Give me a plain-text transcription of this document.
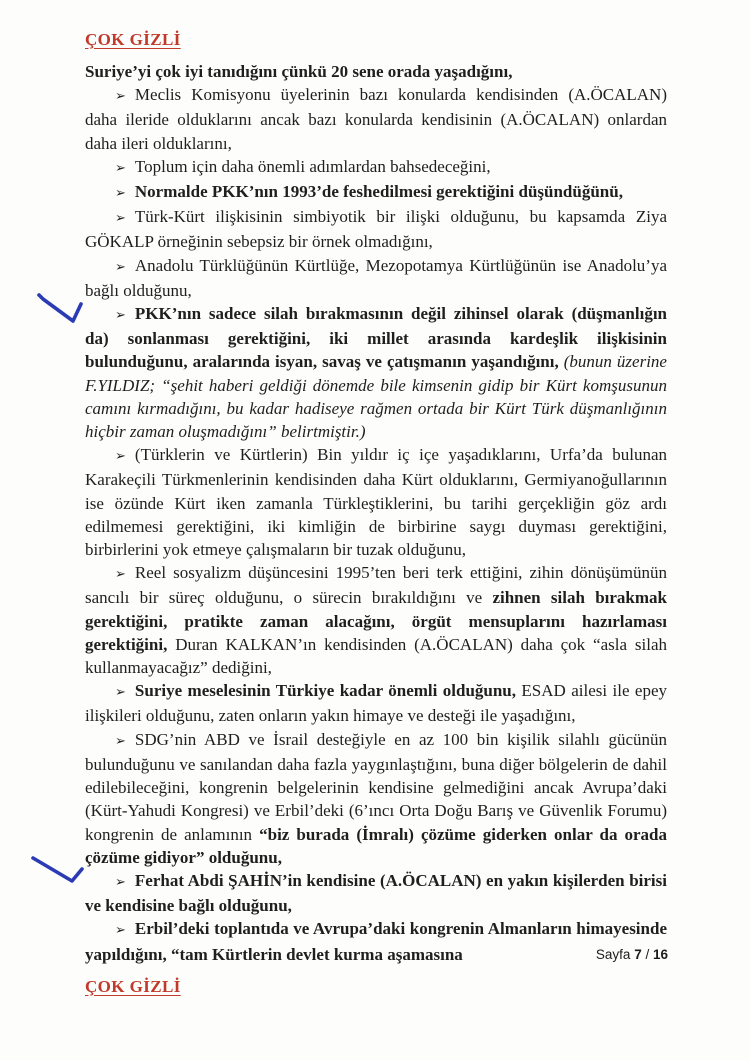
ÇOK GİZLİ

Suriye’yi çok iyi tanıdığını çünkü 20 sene orada yaşadığını,

➢ Meclis Komisyonu üyelerinin bazı konularda kendisinden (A.ÖCALAN) daha ileride olduklarını ancak bazı konularda kendisinin (A.ÖCALAN) onlardan daha ileri olduklarını,

➢ Toplum için daha önemli adımlardan bahsedeceğini,

➢ Normalde PKK’nın 1993’de feshedilmesi gerektiğini düşündüğünü,

➢ Türk-Kürt ilişkisinin simbiyotik bir ilişki olduğunu, bu kapsamda Ziya GÖKALP örneğinin sebepsiz bir örnek olmadığını,

➢ Anadolu Türklüğünün Kürtlüğe, Mezopotamya Kürtlüğünün ise Anadolu’ya bağlı olduğunu,

➢ PKK’nın sadece silah bırakmasının değil zihinsel olarak (düşmanlığın da) sonlanması gerektiğini, iki millet arasında kardeşlik ilişkisinin bulunduğunu, aralarında isyan, savaş ve çatışmanın yaşandığını, (bunun üzerine F.YILDIZ; “şehit haberi geldiği dönemde bile kimsenin gidip bir Kürt komşusunun camını kırmadığını, bu kadar hadiseye rağmen ortada bir Kürt Türk düşmanlığının hiçbir zaman oluşmadığını” belirtmiştir.)

➢ (Türklerin ve Kürtlerin) Bin yıldır iç içe yaşadıklarını, Urfa’da bulunan Karakeçili Türkmenlerinin kendisinden daha Kürt olduklarını, Germiyanoğullarının ise özünde Kürt iken zamanla Türkleştiklerini, bu tarihi gerçekliğin göz ardı edilmemesi gerektiğini, iki kimliğin de birbirine saygı duyması gerektiğini, birbirlerini yok etmeye çalışmaların bir tuzak olduğunu,

➢ Reel sosyalizm düşüncesini 1995’ten beri terk ettiğini, zihin dönüşümünün sancılı bir süreç olduğunu, o sürecin bırakıldığını ve zihnen silah bırakmak gerektiğini, pratikte zaman alacağını, örgüt mensuplarını hazırlaması gerektiğini, Duran KALKAN’ın kendisinden (A.ÖCALAN) daha çok “asla silah kullanmayacağız” dediğini,

➢ Suriye meselesinin Türkiye kadar önemli olduğunu, ESAD ailesi ile epey ilişkileri olduğunu, zaten onların yakın himaye ve desteği ile yaşadığını,

➢ SDG’nin ABD ve İsrail desteğiyle en az 100 bin kişilik silahlı gücünün bulunduğunu ve sanılandan daha fazla yaygınlaştığını, buna diğer bölgelerin de dahil edilebileceğini, kongrenin belgelerinin kendisine gelmediğini ancak Avrupa’daki (Kürt-Yahudi Kongresi) ve Erbil’deki (6’ıncı Orta Doğu Barış ve Güvenlik Forumu) kongrenin de anlamının “biz burada (İmralı) çözüme giderken onlar da orada çözüme gidiyor” olduğunu,

➢ Ferhat Abdi ŞAHİN’in kendisine (A.ÖCALAN) en yakın kişilerden birisi ve kendisine bağlı olduğunu,

➢ Erbil’deki toplantıda ve Avrupa’daki kongrenin Almanların himayesinde yapıldığını, “tam Kürtlerin devlet kurma aşamasına	Sayfa 7 / 16
ÇOK GİZLİ
